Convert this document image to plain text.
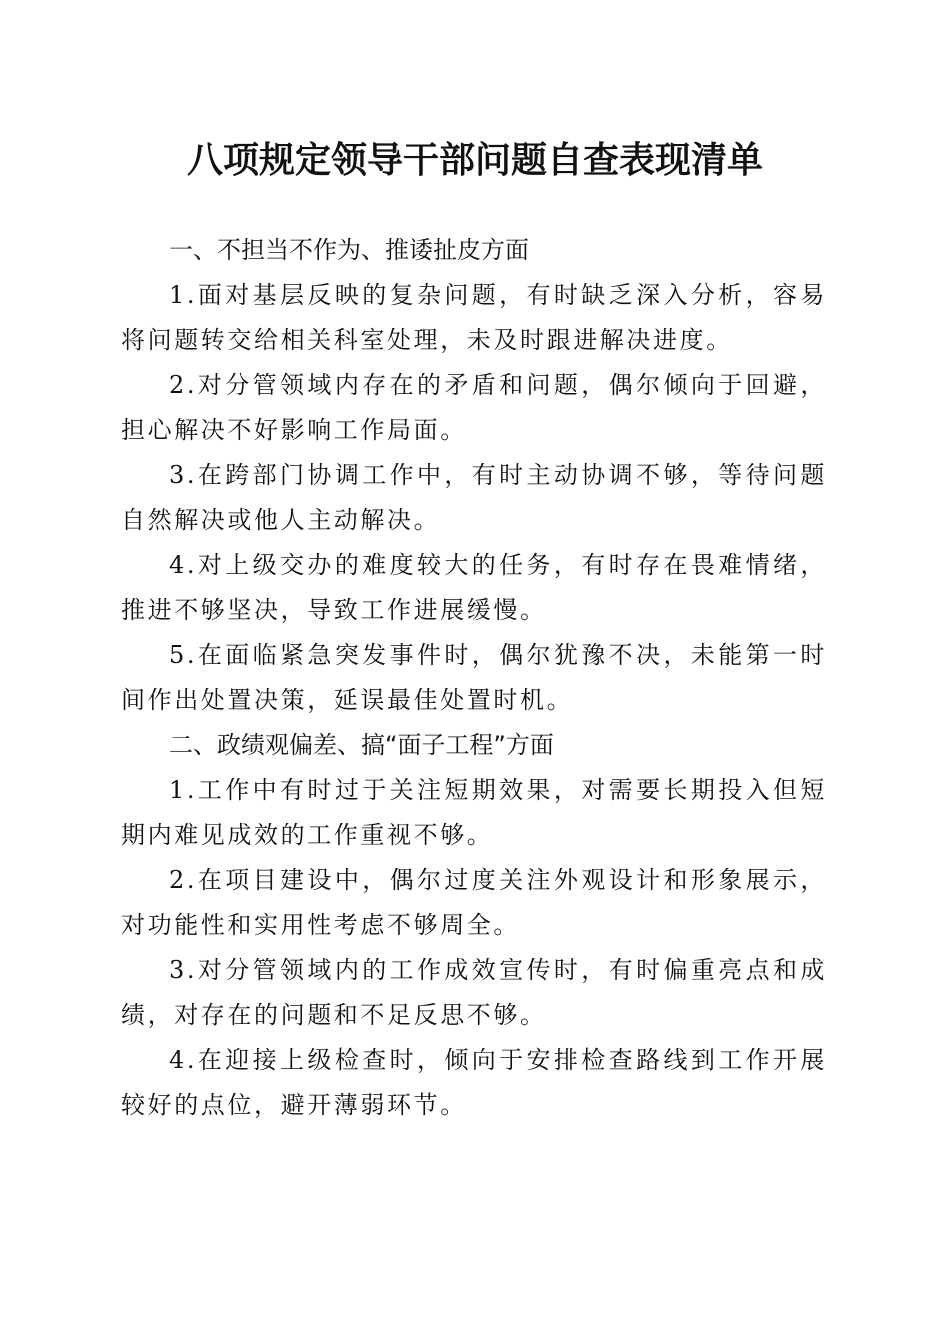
八项规定领导干部问题自查表现清单
一、不担当不作为、推诿扯皮方面

1.面对基层反映的复杂问题，有时缺乏深入分析，容易将问题转交给相关科室处理，未及时跟进解决进度。

2.对分管领域内存在的矛盾和问题，偶尔倾向于回避，担心解决不好影响工作局面。

3.在跨部门协调工作中，有时主动协调不够，等待问题自然解决或他人主动解决。

4.对上级交办的难度较大的任务，有时存在畏难情绪，推进不够坚决，导致工作进展缓慢。

5.在面临紧急突发事件时，偶尔犹豫不决，未能第一时间作出处置决策，延误最佳处置时机。

二、政绩观偏差、搞“面子工程”方面

1.工作中有时过于关注短期效果，对需要长期投入但短期内难见成效的工作重视不够。

2.在项目建设中，偶尔过度关注外观设计和形象展示，对功能性和实用性考虑不够周全。

3.对分管领域内的工作成效宣传时，有时偏重亮点和成绩，对存在的问题和不足反思不够。

4.在迎接上级检查时，倾向于安排检查路线到工作开展较好的点位，避开薄弱环节。
